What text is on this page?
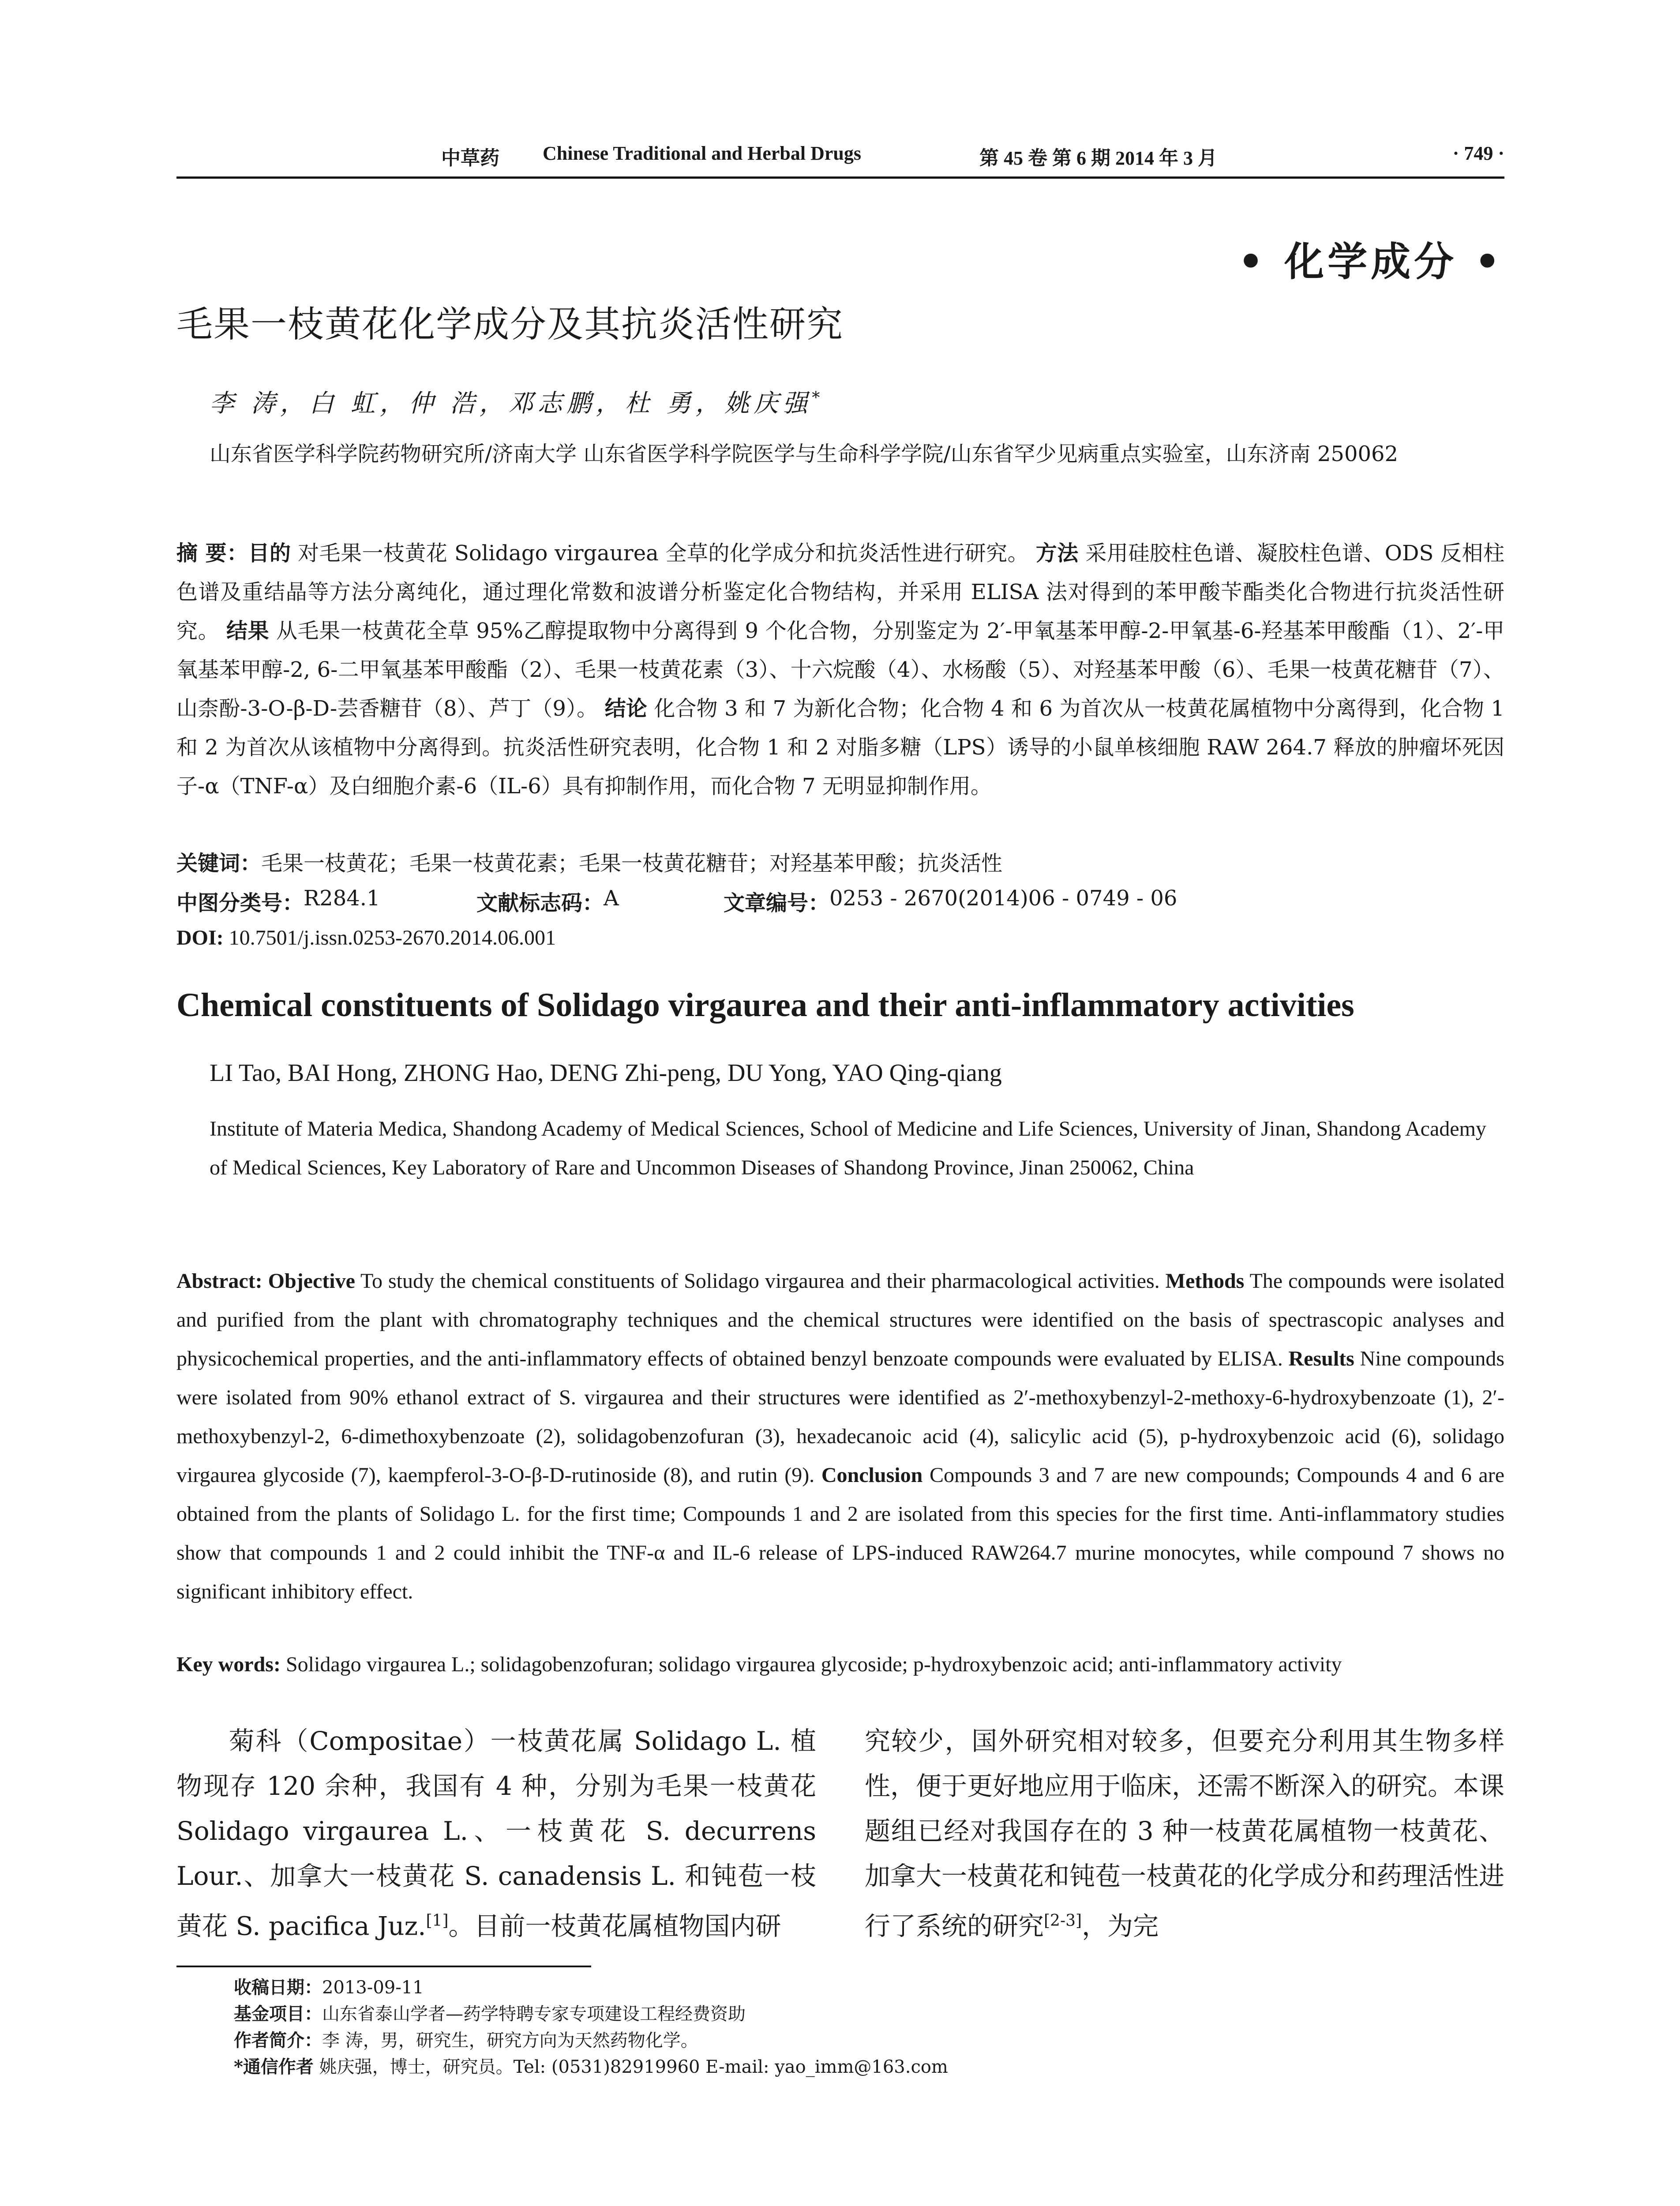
中草药 Chinese Traditional and Herbal Drugs	第 45 卷 第 6 期 2014 年 3 月	· 749 ·
• 化学成分 •
毛果一枝黄花化学成分及其抗炎活性研究
李 涛，白 虹，仲 浩，邓志鹏，杜 勇，姚庆强*
山东省医学科学院药物研究所/济南大学 山东省医学科学院医学与生命科学学院/山东省罕少见病重点实验室，山东济南 250062
摘 要：目的 对毛果一枝黄花 Solidago virgaurea 全草的化学成分和抗炎活性进行研究。 方法 采用硅胶柱色谱、凝胶柱色谱、ODS 反相柱色谱及重结晶等方法分离纯化，通过理化常数和波谱分析鉴定化合物结构，并采用 ELISA 法对得到的苯甲酸苄酯类化合物进行抗炎活性研究。 结果 从毛果一枝黄花全草 95%乙醇提取物中分离得到 9 个化合物，分别鉴定为 2′-甲氧基苯甲醇-2-甲氧基-6-羟基苯甲酸酯（1）、2′-甲氧基苯甲醇-2, 6-二甲氧基苯甲酸酯（2）、毛果一枝黄花素（3）、十六烷酸（4）、水杨酸（5）、对羟基苯甲酸（6）、毛果一枝黄花糖苷（7）、山柰酚-3-O-β-D-芸香糖苷（8）、芦丁（9）。 结论 化合物 3 和 7 为新化合物；化合物 4 和 6 为首次从一枝黄花属植物中分离得到，化合物 1 和 2 为首次从该植物中分离得到。抗炎活性研究表明，化合物 1 和 2 对脂多糖（LPS）诱导的小鼠单核细胞 RAW 264.7 释放的肿瘤坏死因子-α（TNF-α）及白细胞介素-6（IL-6）具有抑制作用，而化合物 7 无明显抑制作用。
关键词：毛果一枝黄花；毛果一枝黄花素；毛果一枝黄花糖苷；对羟基苯甲酸；抗炎活性
中图分类号： R284.1	文献标志码： A	文章编号： 0253 - 2670(2014)06 - 0749 - 06
DOI: 10.7501/j.issn.0253-2670.2014.06.001
Chemical constituents of Solidago virgaurea and their anti-inflammatory activities
LI Tao, BAI Hong, ZHONG Hao, DENG Zhi-peng, DU Yong, YAO Qing-qiang
Institute of Materia Medica, Shandong Academy of Medical Sciences, School of Medicine and Life Sciences, University of Jinan, Shandong Academy of Medical Sciences, Key Laboratory of Rare and Uncommon Diseases of Shandong Province, Jinan 250062, China
Abstract: Objective To study the chemical constituents of Solidago virgaurea and their pharmacological activities. Methods The compounds were isolated and purified from the plant with chromatography techniques and the chemical structures were identified on the basis of spectrascopic analyses and physicochemical properties, and the anti-inflammatory effects of obtained benzyl benzoate compounds were evaluated by ELISA. Results Nine compounds were isolated from 90% ethanol extract of S. virgaurea and their structures were identified as 2′-methoxybenzyl-2-methoxy-6-hydroxybenzoate (1), 2′-methoxybenzyl-2, 6-dimethoxybenzoate (2), solidagobenzofuran (3), hexadecanoic acid (4), salicylic acid (5), p-hydroxybenzoic acid (6), solidago virgaurea glycoside (7), kaempferol-3-O-β-D-rutinoside (8), and rutin (9). Conclusion Compounds 3 and 7 are new compounds; Compounds 4 and 6 are obtained from the plants of Solidago L. for the first time; Compounds 1 and 2 are isolated from this species for the first time. Anti-inflammatory studies show that compounds 1 and 2 could inhibit the TNF-α and IL-6 release of LPS-induced RAW264.7 murine monocytes, while compound 7 shows no significant inhibitory effect.
Key words: Solidago virgaurea L.; solidagobenzofuran; solidago virgaurea glycoside; p-hydroxybenzoic acid; anti-inflammatory activity
菊科（Compositae）一枝黄花属 Solidago L. 植物现存 120 余种，我国有 4 种，分别为毛果一枝黄花 Solidago virgaurea L.、一枝黄花 S. decurrens Lour.、加拿大一枝黄花 S. canadensis L. 和钝苞一枝黄花 S. pacifica Juz.[1]。目前一枝黄花属植物国内研
究较少，国外研究相对较多，但要充分利用其生物多样性，便于更好地应用于临床，还需不断深入的研究。本课题组已经对我国存在的 3 种一枝黄花属植物一枝黄花、加拿大一枝黄花和钝苞一枝黄花的化学成分和药理活性进行了系统的研究[2-3]，为完
收稿日期：2013-09-11
基金项目：山东省泰山学者—药学特聘专家专项建设工程经费资助
作者简介：李 涛，男，研究生，研究方向为天然药物化学。
*通信作者 姚庆强，博士，研究员。Tel: (0531)82919960 E-mail: yao_imm@163.com
